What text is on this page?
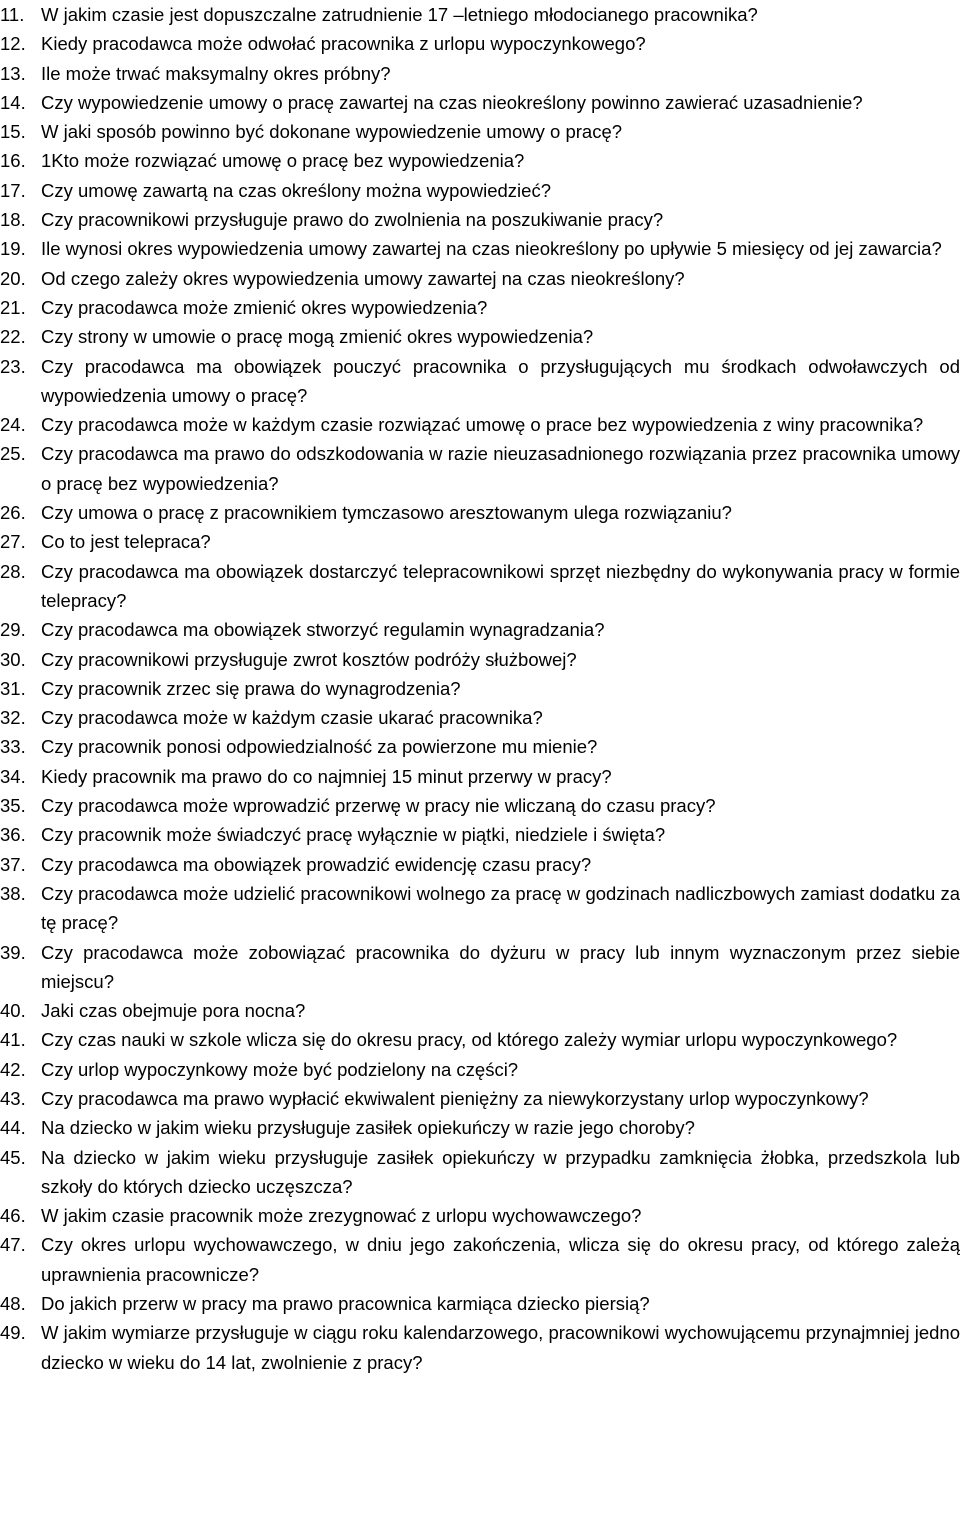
11. W jakim czasie jest dopuszczalne zatrudnienie 17 –letniego młodocianego pracownika?
12. Kiedy pracodawca może odwołać pracownika z urlopu wypoczynkowego?
13. Ile może trwać maksymalny okres próbny?
14. Czy wypowiedzenie umowy o pracę zawartej na czas nieokreślony powinno zawierać uzasadnienie?
15. W jaki sposób powinno być dokonane wypowiedzenie umowy o pracę?
16. 1Kto może rozwiązać umowę o pracę bez wypowiedzenia?
17. Czy umowę zawartą na czas określony można wypowiedzieć?
18. Czy pracownikowi przysługuje prawo do zwolnienia na poszukiwanie pracy?
19. Ile wynosi okres wypowiedzenia umowy zawartej na czas nieokreślony po upływie 5 miesięcy od jej zawarcia?
20. Od czego zależy okres wypowiedzenia umowy zawartej na czas nieokreślony?
21. Czy pracodawca może zmienić okres wypowiedzenia?
22. Czy strony w umowie o pracę mogą zmienić okres wypowiedzenia?
23. Czy pracodawca ma obowiązek pouczyć pracownika o przysługujących mu środkach odwoławczych od wypowiedzenia umowy o pracę?
24. Czy pracodawca może w każdym czasie rozwiązać umowę o prace bez wypowiedzenia z winy pracownika?
25. Czy pracodawca ma prawo do odszkodowania w razie nieuzasadnionego rozwiązania przez pracownika umowy o pracę bez wypowiedzenia?
26. Czy umowa o pracę z pracownikiem tymczasowo aresztowanym ulega rozwiązaniu?
27. Co to jest telepraca?
28. Czy pracodawca ma obowiązek dostarczyć telepracownikowi sprzęt niezbędny do wykonywania pracy w formie telepracy?
29. Czy pracodawca ma obowiązek stworzyć regulamin wynagradzania?
30. Czy pracownikowi przysługuje zwrot kosztów podróży służbowej?
31. Czy pracownik zrzec się prawa do wynagrodzenia?
32. Czy pracodawca może w każdym czasie ukarać pracownika?
33. Czy pracownik ponosi odpowiedzialność za powierzone mu mienie?
34. Kiedy pracownik ma prawo do co najmniej 15 minut przerwy w pracy?
35. Czy pracodawca może wprowadzić przerwę w pracy nie wliczaną do czasu pracy?
36. Czy pracownik może świadczyć pracę wyłącznie w piątki, niedziele i święta?
37. Czy pracodawca ma obowiązek prowadzić ewidencję czasu pracy?
38. Czy pracodawca może udzielić pracownikowi wolnego za pracę w godzinach nadliczbowych zamiast dodatku za tę pracę?
39. Czy pracodawca może zobowiązać pracownika do dyżuru w pracy lub innym wyznaczonym przez siebie miejscu?
40. Jaki czas obejmuje pora nocna?
41. Czy czas nauki w szkole wlicza się do okresu pracy, od którego zależy wymiar urlopu wypoczynkowego?
42. Czy urlop wypoczynkowy może być podzielony na części?
43. Czy pracodawca ma prawo wypłacić ekwiwalent pieniężny za niewykorzystany urlop wypoczynkowy?
44. Na dziecko w jakim wieku przysługuje zasiłek opiekuńczy w razie jego choroby?
45. Na dziecko w jakim wieku przysługuje zasiłek opiekuńczy w przypadku zamknięcia żłobka, przedszkola lub szkoły do których dziecko uczęszcza?
46. W jakim czasie pracownik może zrezygnować z urlopu wychowawczego?
47. Czy okres urlopu wychowawczego, w dniu jego zakończenia, wlicza się do okresu pracy, od którego zależą uprawnienia pracownicze?
48. Do jakich przerw w pracy ma prawo pracownica karmiąca dziecko piersią?
49. W jakim wymiarze przysługuje w ciągu roku kalendarzowego, pracownikowi wychowującemu przynajmniej jedno dziecko w wieku do 14 lat, zwolnienie z pracy?
